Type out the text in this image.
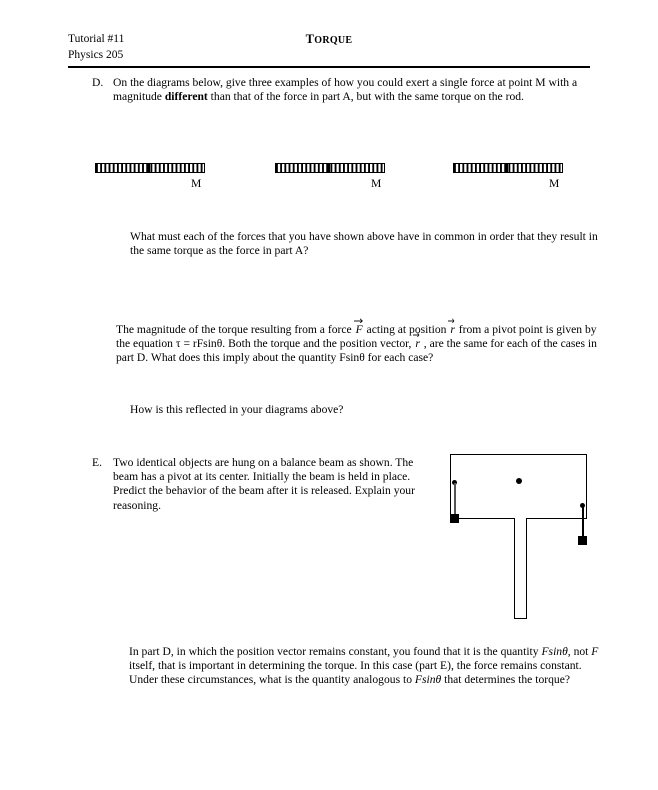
Tutorial #11
Physics 205
TORQUE
D. On the diagrams below, give three examples of how you could exert a single force at point M with a magnitude different than that of the force in part A, but with the same torque on the rod.
M	M	M
What must each of the forces that you have shown above have in common in order that they result in the same torque as the force in part A?
The magnitude of the torque resulting from a force
F acting at position
r from a pivot point is given by the equation τ = rFsinθ. Both the torque and the position vector,
r , are the same for each of the cases in part D. What does this imply about the quantity Fsinθ for each case?
How is this reflected in your diagrams above?
E. Two identical objects are hung on a balance beam as shown. The beam has a pivot at its center. Initially the beam is held in place. Predict the behavior of the beam after it is released. Explain your reasoning.
In part D, in which the position vector remains constant, you found that it is the quantity Fsinθ, not F itself, that is important in determining the torque. In this case (part E), the force remains constant. Under these circumstances, what is the quantity analogous to Fsinθ that determines the torque?
